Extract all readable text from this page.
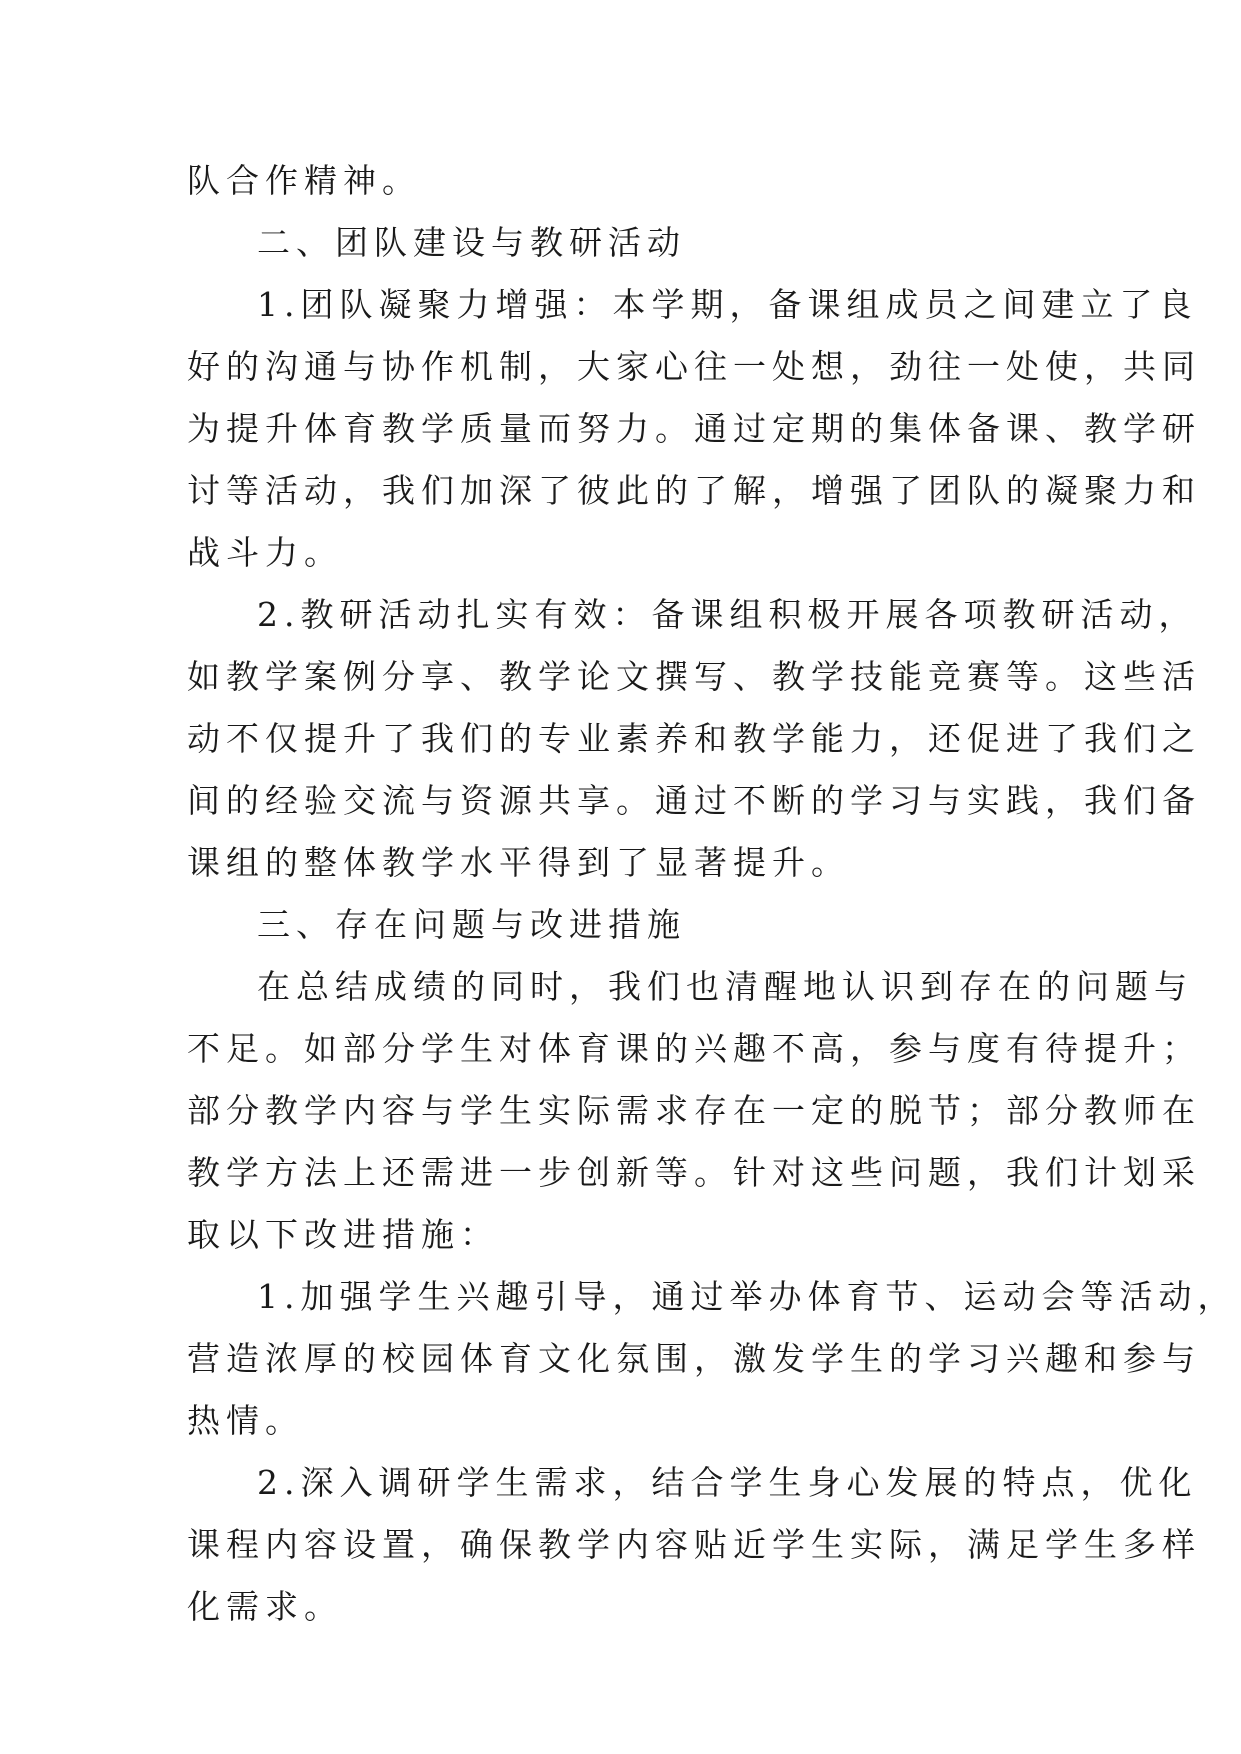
队合作精神。
二、团队建设与教研活动
1.团队凝聚力增强：本学期，备课组成员之间建立了良
好的沟通与协作机制，大家心往一处想，劲往一处使，共同
为提升体育教学质量而努力。通过定期的集体备课、教学研
讨等活动，我们加深了彼此的了解，增强了团队的凝聚力和
战斗力。
2.教研活动扎实有效：备课组积极开展各项教研活动，
如教学案例分享、教学论文撰写、教学技能竞赛等。这些活
动不仅提升了我们的专业素养和教学能力，还促进了我们之
间的经验交流与资源共享。通过不断的学习与实践，我们备
课组的整体教学水平得到了显著提升。
三、存在问题与改进措施
在总结成绩的同时，我们也清醒地认识到存在的问题与
不足。如部分学生对体育课的兴趣不高，参与度有待提升；
部分教学内容与学生实际需求存在一定的脱节；部分教师在
教学方法上还需进一步创新等。针对这些问题，我们计划采
取以下改进措施：
1.加强学生兴趣引导，通过举办体育节、运动会等活动，
营造浓厚的校园体育文化氛围，激发学生的学习兴趣和参与
热情。
2.深入调研学生需求，结合学生身心发展的特点，优化
课程内容设置，确保教学内容贴近学生实际，满足学生多样
化需求。
